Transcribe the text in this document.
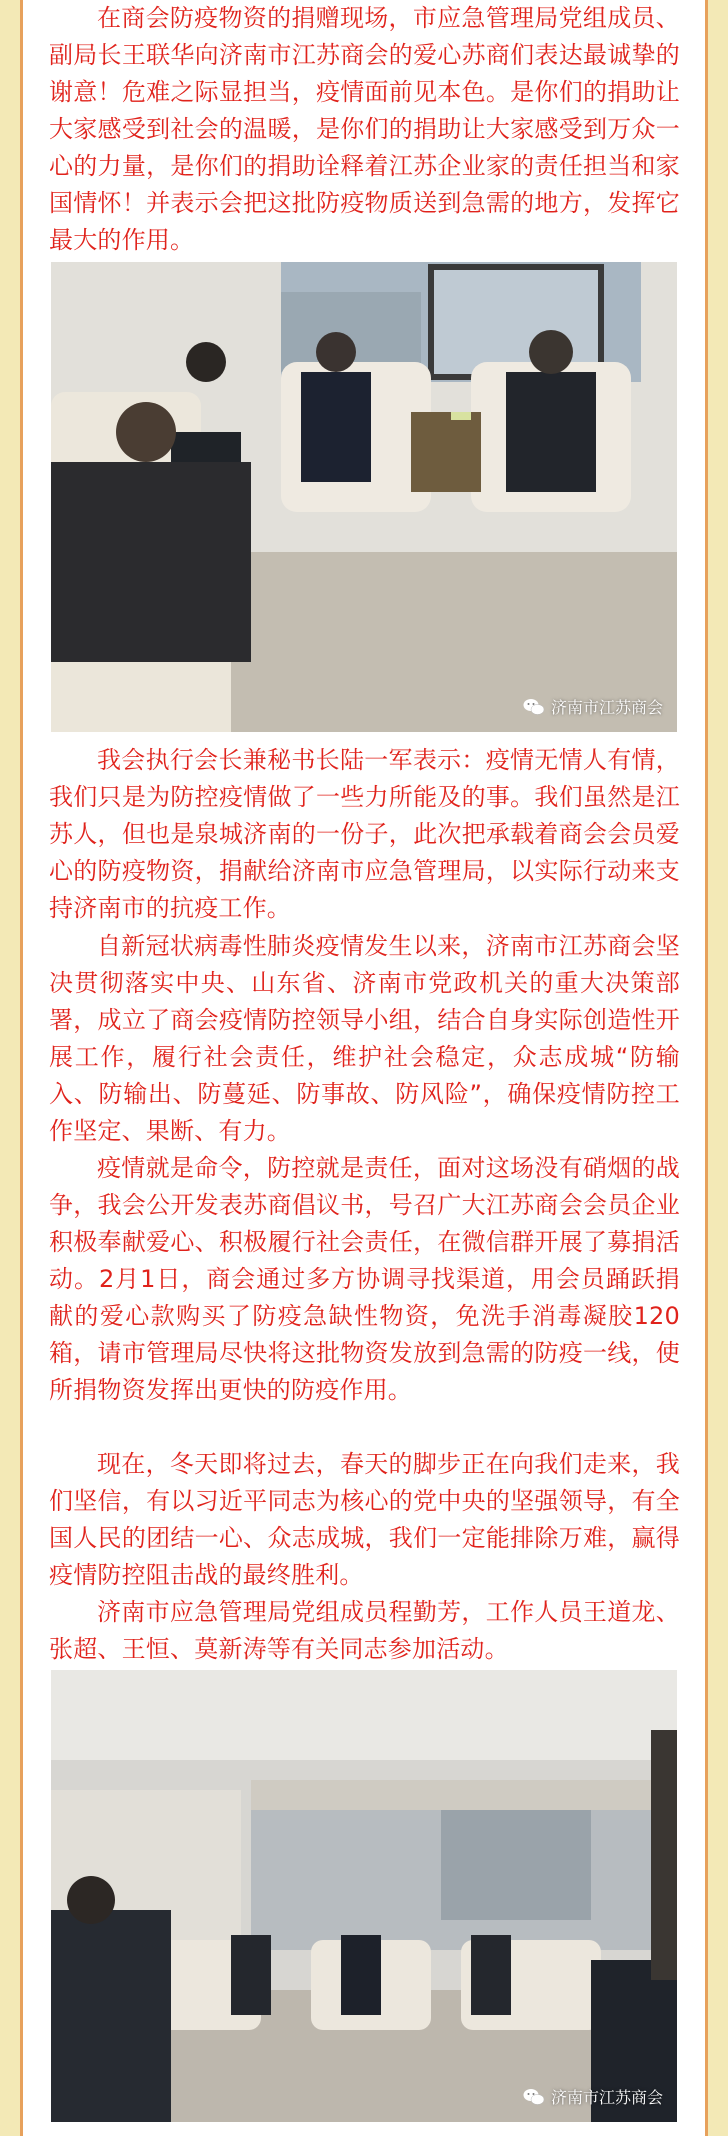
在商会防疫物资的捐赠现场，市应急管理局党组成员、副局长王联华向济南市江苏商会的爱心苏商们表达最诚挚的谢意！危难之际显担当，疫情面前见本色。是你们的捐助让大家感受到社会的温暖，是你们的捐助让大家感受到万众一心的力量，是你们的捐助诠释着江苏企业家的责任担当和家国情怀！并表示会把这批防疫物质送到急需的地方，发挥它最大的作用。

济南市江苏商会

我会执行会长兼秘书长陆一军表示：疫情无情人有情，我们只是为防控疫情做了一些力所能及的事。我们虽然是江苏人，但也是泉城济南的一份子，此次把承载着商会会员爱心的防疫物资，捐献给济南市应急管理局，以实际行动来支持济南市的抗疫工作。

自新冠状病毒性肺炎疫情发生以来，济南市江苏商会坚决贯彻落实中央、山东省、济南市党政机关的重大决策部署，成立了商会疫情防控领导小组，结合自身实际创造性开展工作，履行社会责任，维护社会稳定，众志成城“防输入、防输出、防蔓延、防事故、防风险”，确保疫情防控工作坚定、果断、有力。

疫情就是命令，防控就是责任，面对这场没有硝烟的战争，我会公开发表苏商倡议书，号召广大江苏商会会员企业积极奉献爱心、积极履行社会责任，在微信群开展了募捐活动。2月1日，商会通过多方协调寻找渠道，用会员踊跃捐献的爱心款购买了防疫急缺性物资，免洗手消毒凝胶120箱，请市管理局尽快将这批物资发放到急需的防疫一线，使所捐物资发挥出更快的防疫作用。

现在，冬天即将过去，春天的脚步正在向我们走来，我们坚信，有以习近平同志为核心的党中央的坚强领导，有全国人民的团结一心、众志成城，我们一定能排除万难，赢得疫情防控阻击战的最终胜利。

济南市应急管理局党组成员程勤芳，工作人员王道龙、张超、王恒、莫新涛等有关同志参加活动。

济南市江苏商会
